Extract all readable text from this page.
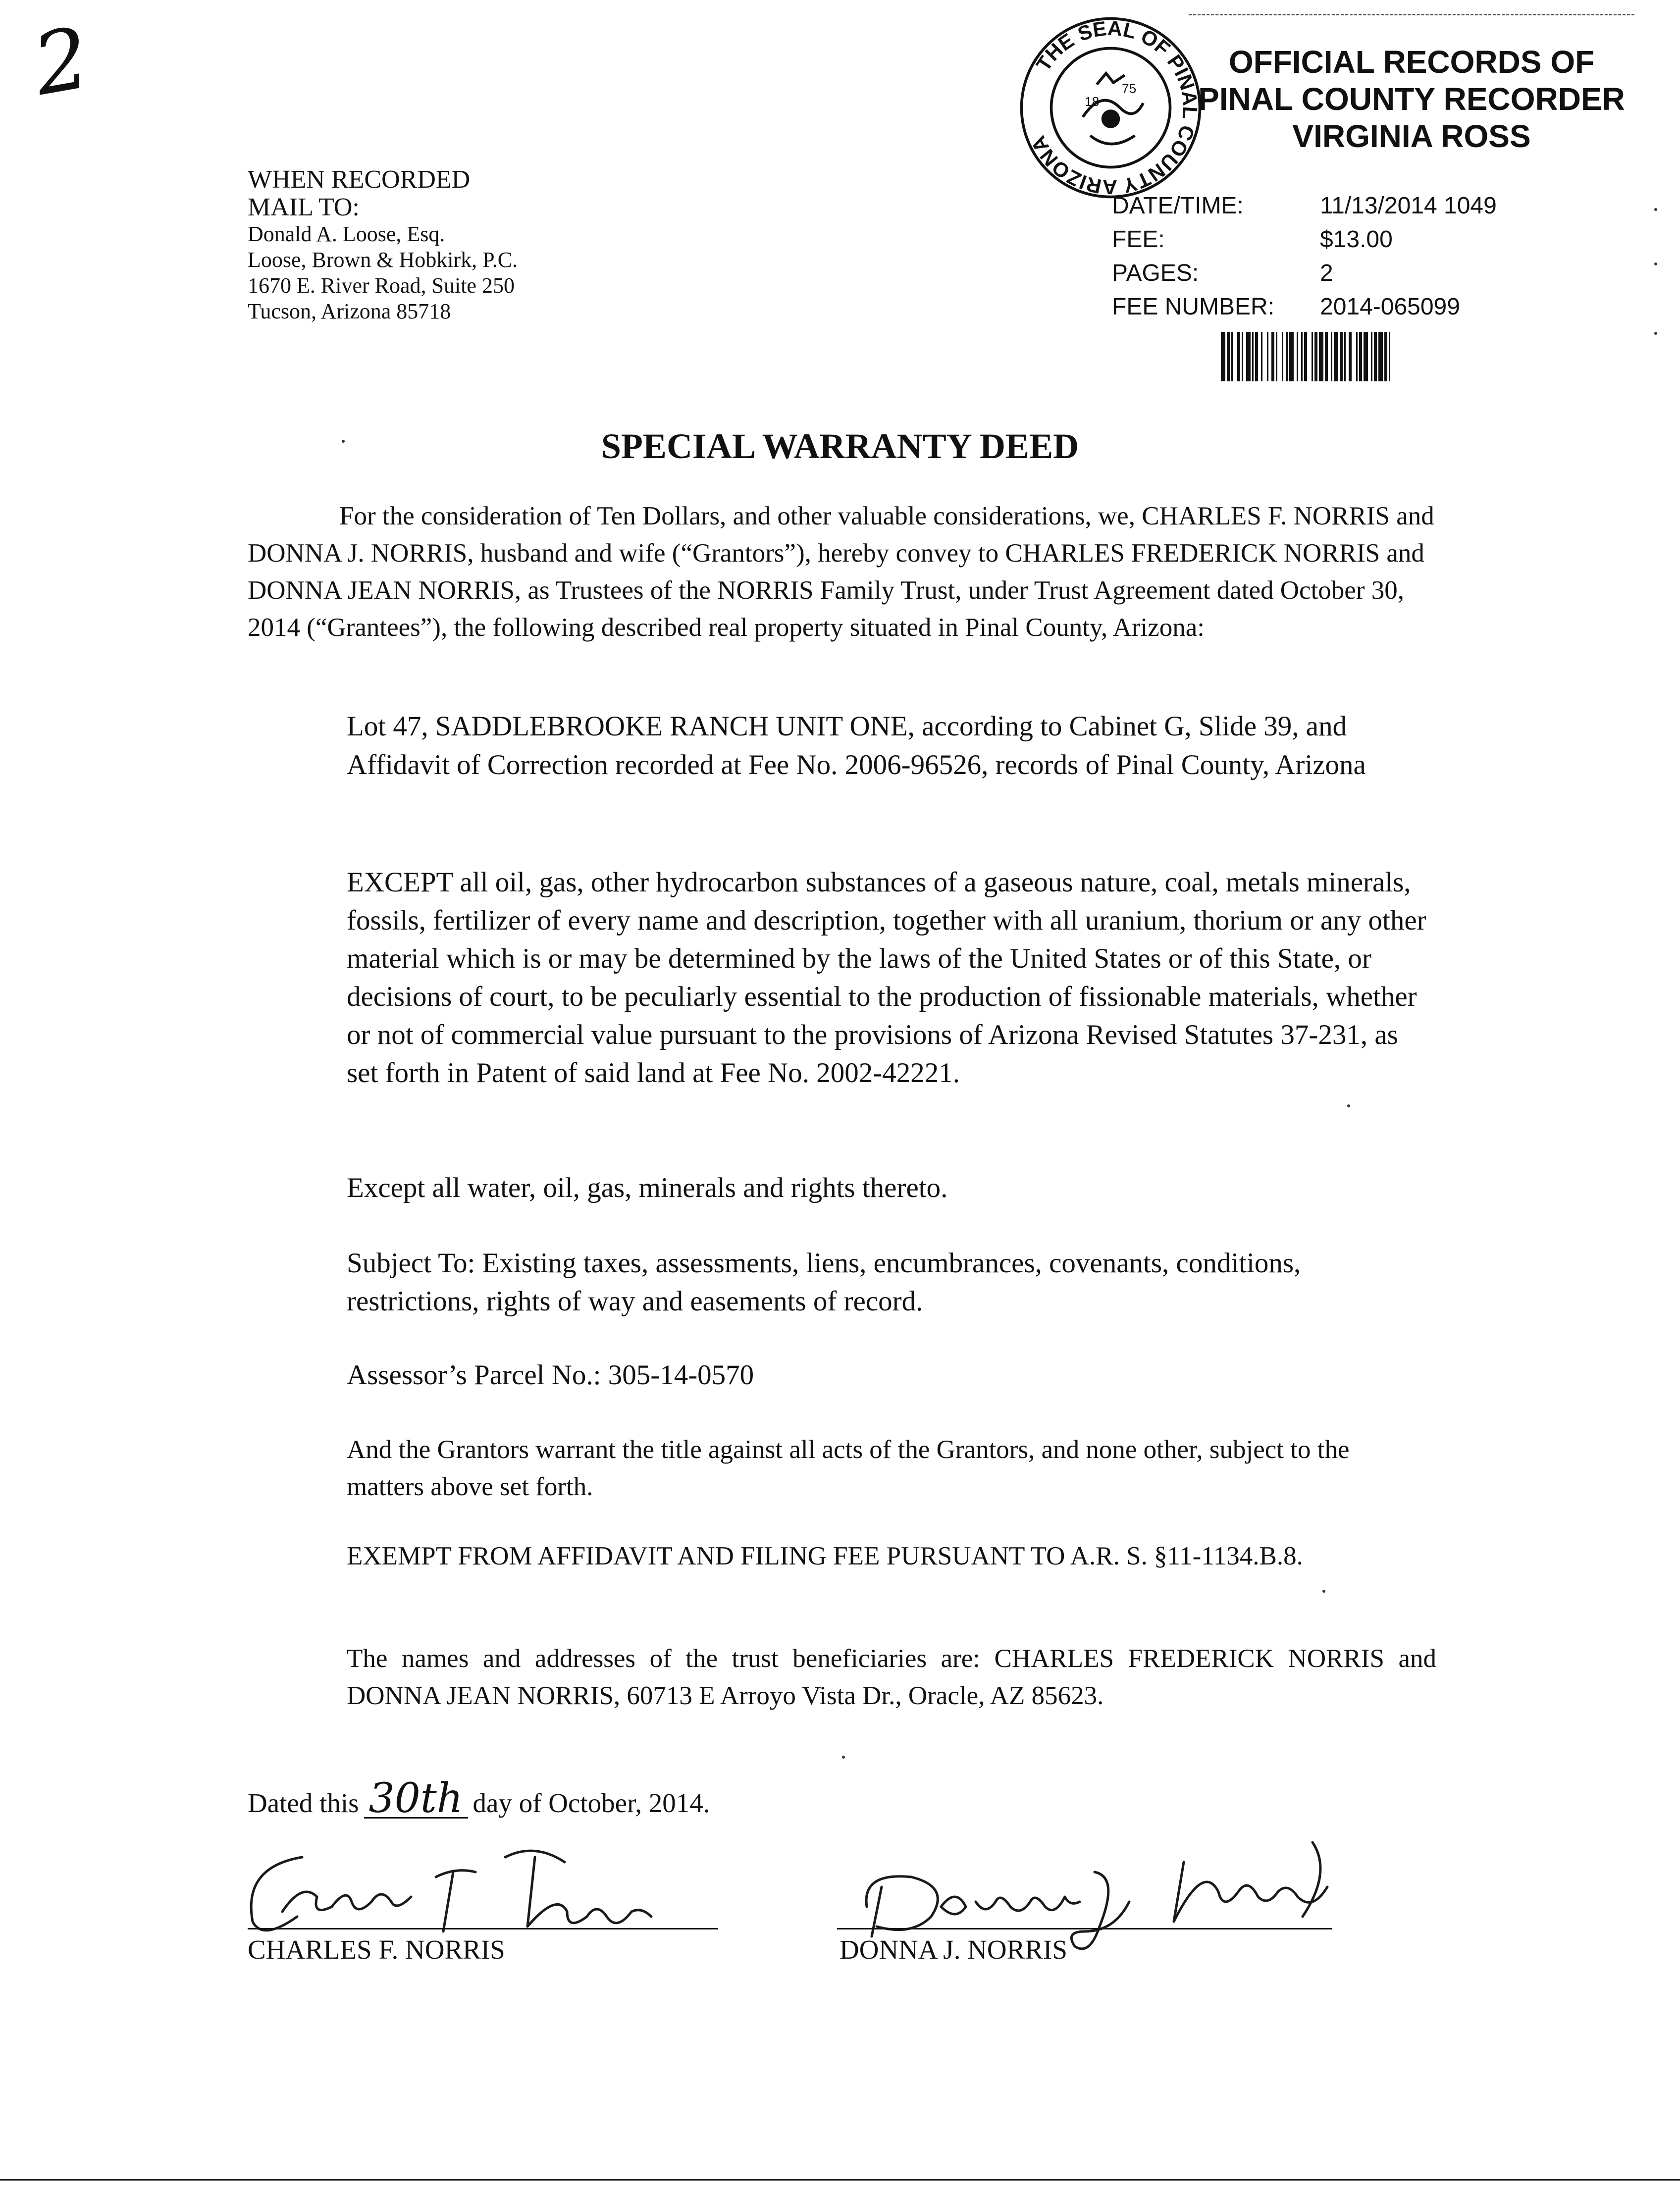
2
WHEN RECORDED
MAIL TO:
Donald A. Loose, Esq.
Loose, Brown & Hobkirk, P.C.
1670 E. River Road, Suite 250
Tucson, Arizona 85718
THE SEAL OF PINAL COUNTY ARIZONA
18
75
OFFICIAL RECORDS OF
PINAL COUNTY RECORDER
VIRGINIA ROSS
DATE/TIME:	11/13/2014 1049
FEE:	$13.00
PAGES:	2
FEE NUMBER:	2014-065099
SPECIAL WARRANTY DEED
For the consideration of Ten Dollars, and other valuable considerations, we, CHARLES F. NORRIS and DONNA J. NORRIS, husband and wife (“Grantors”), hereby convey to CHARLES FREDERICK NORRIS and DONNA JEAN NORRIS, as Trustees of the NORRIS Family Trust, under Trust Agreement dated October 30, 2014 (“Grantees”), the following described real property situated in Pinal County, Arizona:
Lot 47, SADDLEBROOKE RANCH UNIT ONE, according to Cabinet G, Slide 39, and Affidavit of Correction recorded at Fee No. 2006-96526, records of Pinal County, Arizona
EXCEPT all oil, gas, other hydrocarbon substances of a gaseous nature, coal, metals minerals, fossils, fertilizer of every name and description, together with all uranium, thorium or any other material which is or may be determined by the laws of the United States or of this State, or decisions of court, to be peculiarly essential to the production of fissionable materials, whether or not of commercial value pursuant to the provisions of Arizona Revised Statutes 37-231, as set forth in Patent of said land at Fee No. 2002-42221.
Except all water, oil, gas, minerals and rights thereto.
Subject To: Existing taxes, assessments, liens, encumbrances, covenants, conditions, restrictions, rights of way and easements of record.
Assessor’s Parcel No.: 305-14-0570
And the Grantors warrant the title against all acts of the Grantors, and none other, subject to the matters above set forth.
EXEMPT FROM AFFIDAVIT AND FILING FEE PURSUANT TO A.R. S. §11-1134.B.8.
The names and addresses of the trust beneficiaries are: CHARLES FREDERICK NORRIS and DONNA JEAN NORRIS, 60713 E Arroyo Vista Dr., Oracle, AZ 85623.
Dated this 30th day of October, 2014.
CHARLES F. NORRIS	DONNA J. NORRIS
